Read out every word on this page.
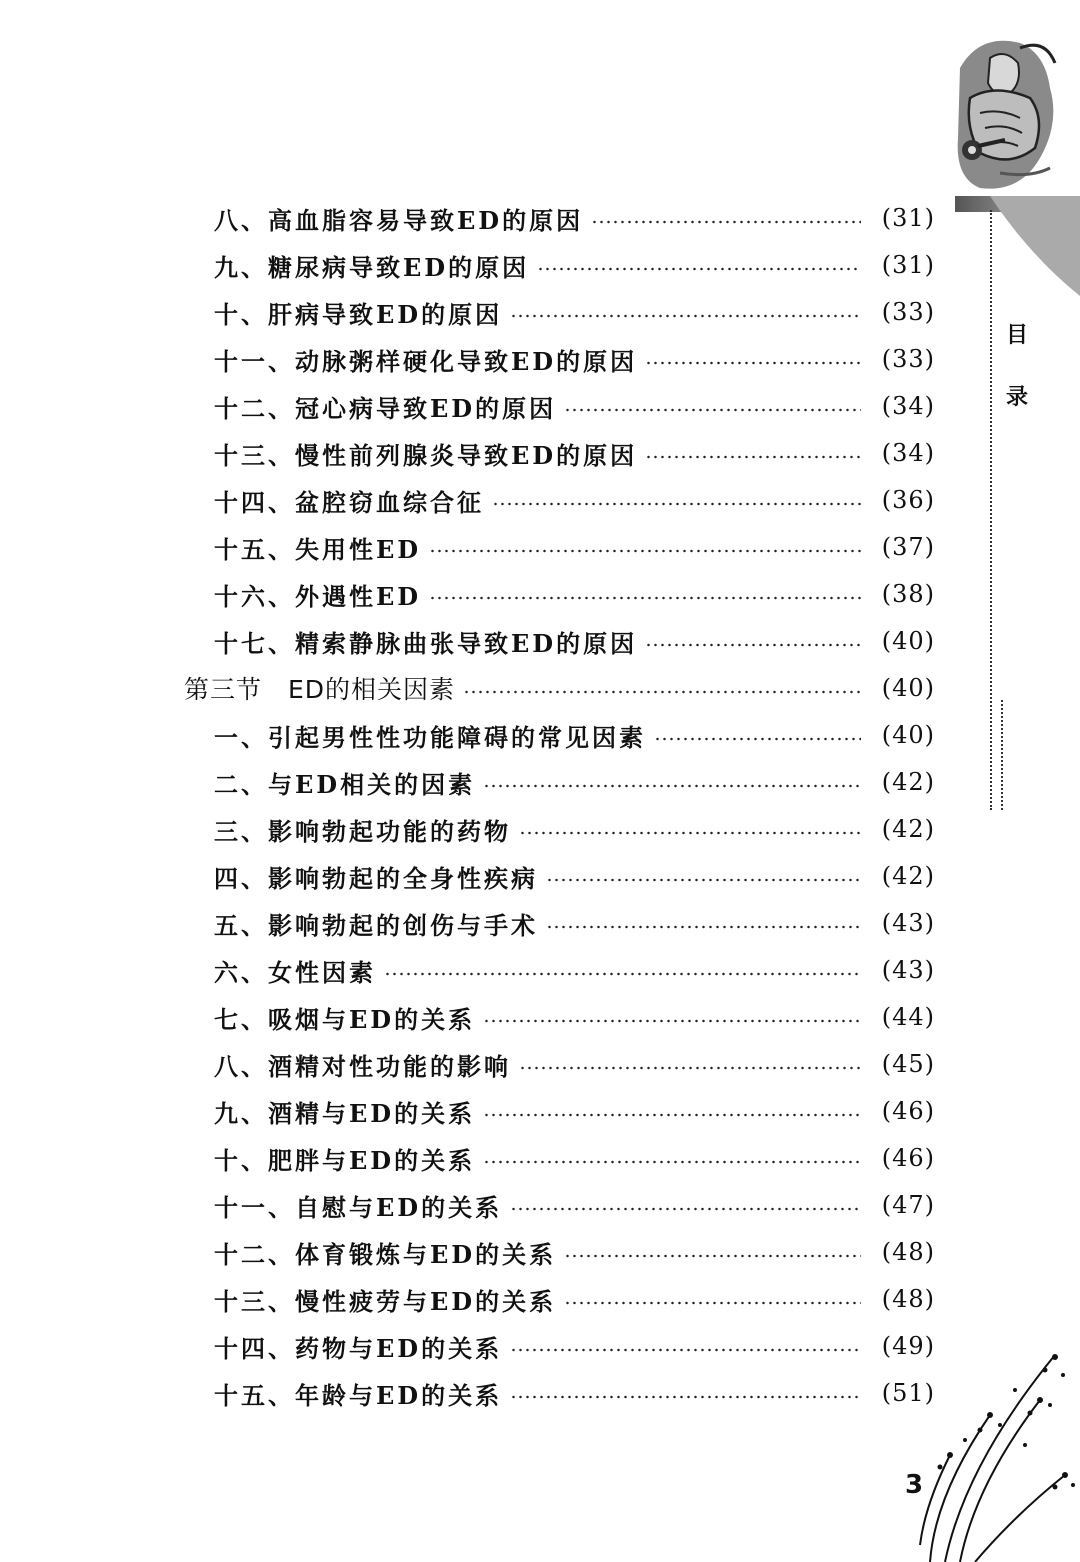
八、高血脂容易导致ED的原因	(31)
九、糖尿病导致ED的原因	(31)
十、肝病导致ED的原因	(33)
十一、动脉粥样硬化导致ED的原因	(33)
十二、冠心病导致ED的原因	(34)
十三、慢性前列腺炎导致ED的原因	(34)
十四、盆腔窃血综合征	(36)
十五、失用性ED	(37)
十六、外遇性ED	(38)
十七、精索静脉曲张导致ED的原因	(40)
第三节　ED的相关因素	(40)
一、引起男性性功能障碍的常见因素	(40)
二、与ED相关的因素	(42)
三、影响勃起功能的药物	(42)
四、影响勃起的全身性疾病	(42)
五、影响勃起的创伤与手术	(43)
六、女性因素	(43)
七、吸烟与ED的关系	(44)
八、酒精对性功能的影响	(45)
九、酒精与ED的关系	(46)
十、肥胖与ED的关系	(46)
十一、自慰与ED的关系	(47)
十二、体育锻炼与ED的关系	(48)
十三、慢性疲劳与ED的关系	(48)
十四、药物与ED的关系	(49)
十五、年龄与ED的关系	(51)
目
录
3
